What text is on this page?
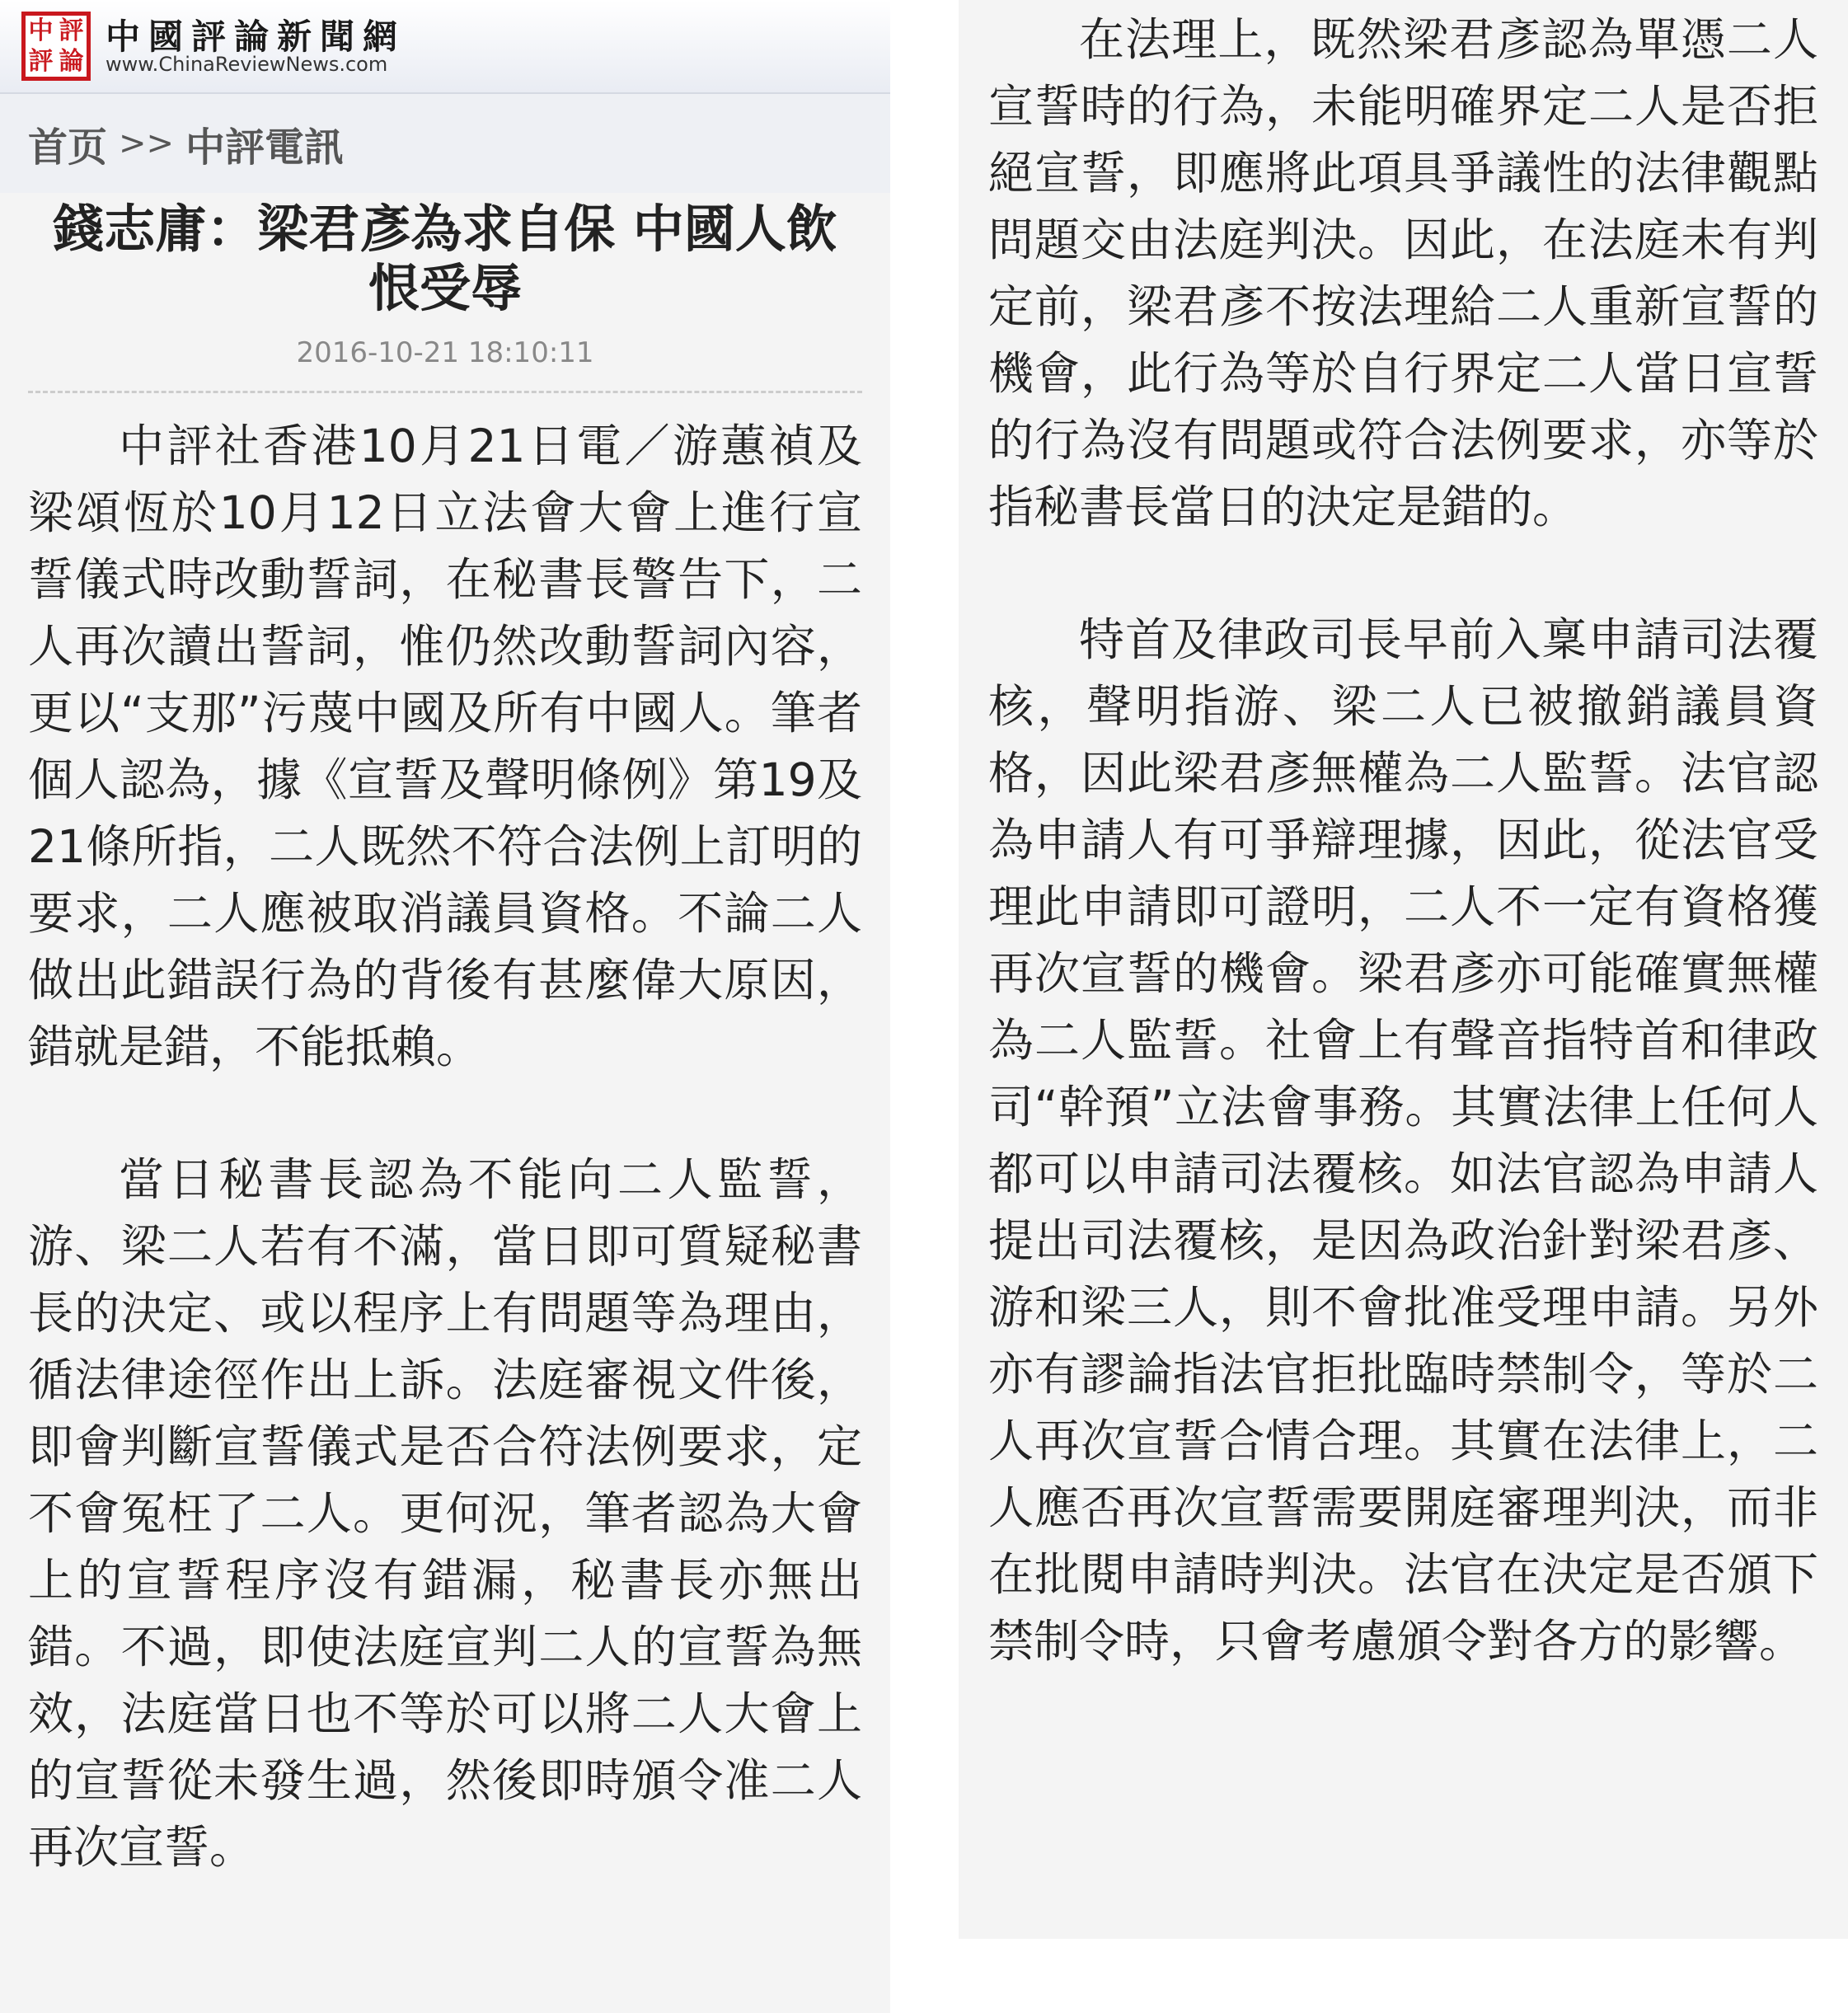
中 評
評 論
中國評論新聞網
www.ChinaReviewNews.com
首页 >> 中評電訊
錢志庸：梁君彥為求自保 中國人飲恨受辱
2016-10-21 18:10:11

中評社香港10月21日電／游蕙禎及梁頌恆於10月12日立法會大會上進行宣誓儀式時改動誓詞，在秘書長警告下，二人再次讀出誓詞，惟仍然改動誓詞內容，更以“支那”污蔑中國及所有中國人。筆者個人認為，據《宣誓及聲明條例》第19及21條所指，二人既然不符合法例上訂明的要求，二人應被取消議員資格。不論二人做出此錯誤行為的背後有甚麼偉大原因，錯就是錯，不能抵賴。

當日秘書長認為不能向二人監誓，游、梁二人若有不滿，當日即可質疑秘書長的決定、或以程序上有問題等為理由，循法律途徑作出上訴。法庭審視文件後，即會判斷宣誓儀式是否合符法例要求，定不會冤枉了二人。更何況，筆者認為大會上的宣誓程序沒有錯漏，秘書長亦無出錯。不過，即使法庭宣判二人的宣誓為無效，法庭當日也不等於可以將二人大會上的宣誓從未發生過，然後即時頒令准二人再次宣誓。

在法理上，既然梁君彥認為單憑二人宣誓時的行為，未能明確界定二人是否拒絕宣誓，即應將此項具爭議性的法律觀點問題交由法庭判決。因此，在法庭未有判定前，梁君彥不按法理給二人重新宣誓的機會，此行為等於自行界定二人當日宣誓的行為沒有問題或符合法例要求，亦等於指秘書長當日的決定是錯的。

特首及律政司長早前入稟申請司法覆核，聲明指游、梁二人已被撤銷議員資格，因此梁君彥無權為二人監誓。法官認為申請人有可爭辯理據，因此，從法官受理此申請即可證明，二人不一定有資格獲再次宣誓的機會。梁君彥亦可能確實無權為二人監誓。社會上有聲音指特首和律政司“幹預”立法會事務。其實法律上任何人都可以申請司法覆核。如法官認為申請人提出司法覆核，是因為政治針對梁君彥、游和梁三人，則不會批准受理申請。另外亦有謬論指法官拒批臨時禁制令，等於二人再次宣誓合情合理。其實在法律上，二人應否再次宣誓需要開庭審理判決，而非在批閱申請時判決。法官在決定是否頒下禁制令時，只會考慮頒令對各方的影響。
